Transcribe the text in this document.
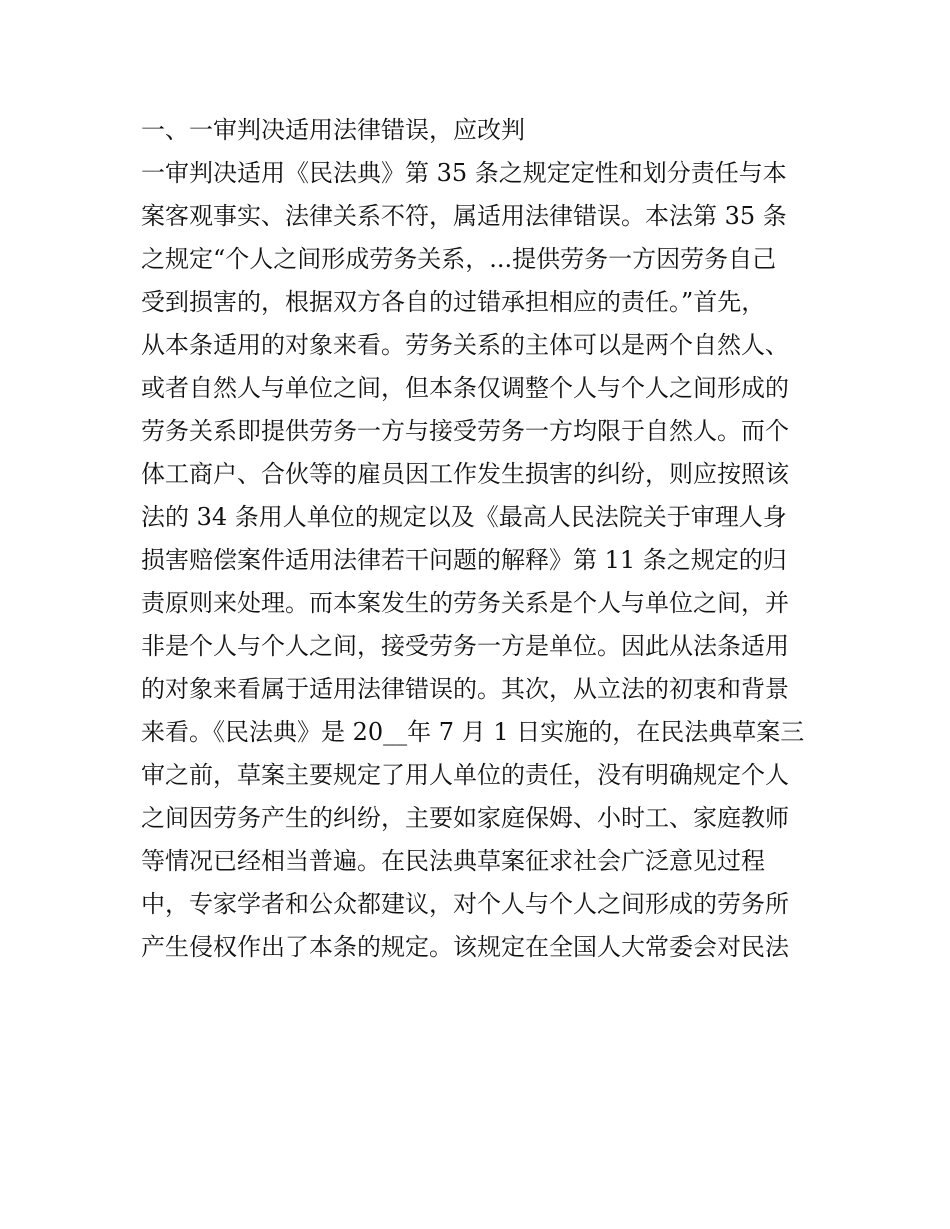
一、一审判决适用法律错误，应改判
一审判决适用《民法典》第 35 条之规定定性和划分责任与本
案客观事实、法律关系不符，属适用法律错误。本法第 35 条
之规定“个人之间形成劳务关系，...提供劳务一方因劳务自己
受到损害的，根据双方各自的过错承担相应的责任。”首先，
从本条适用的对象来看。劳务关系的主体可以是两个自然人、
或者自然人与单位之间，但本条仅调整个人与个人之间形成的
劳务关系即提供劳务一方与接受劳务一方均限于自然人。而个
体工商户、合伙等的雇员因工作发生损害的纠纷，则应按照该
法的 34 条用人单位的规定以及《最高人民法院关于审理人身
损害赔偿案件适用法律若干问题的解释》第 11 条之规定的归
责原则来处理。而本案发生的劳务关系是个人与单位之间，并
非是个人与个人之间，接受劳务一方是单位。因此从法条适用
的对象来看属于适用法律错误的。其次，从立法的初衷和背景
来看。《民法典》是 20__年 7 月 1 日实施的，在民法典草案三
审之前，草案主要规定了用人单位的责任，没有明确规定个人
之间因劳务产生的纠纷，主要如家庭保姆、小时工、家庭教师
等情况已经相当普遍。在民法典草案征求社会广泛意见过程
中，专家学者和公众都建议，对个人与个人之间形成的劳务所
产生侵权作出了本条的规定。该规定在全国人大常委会对民法
